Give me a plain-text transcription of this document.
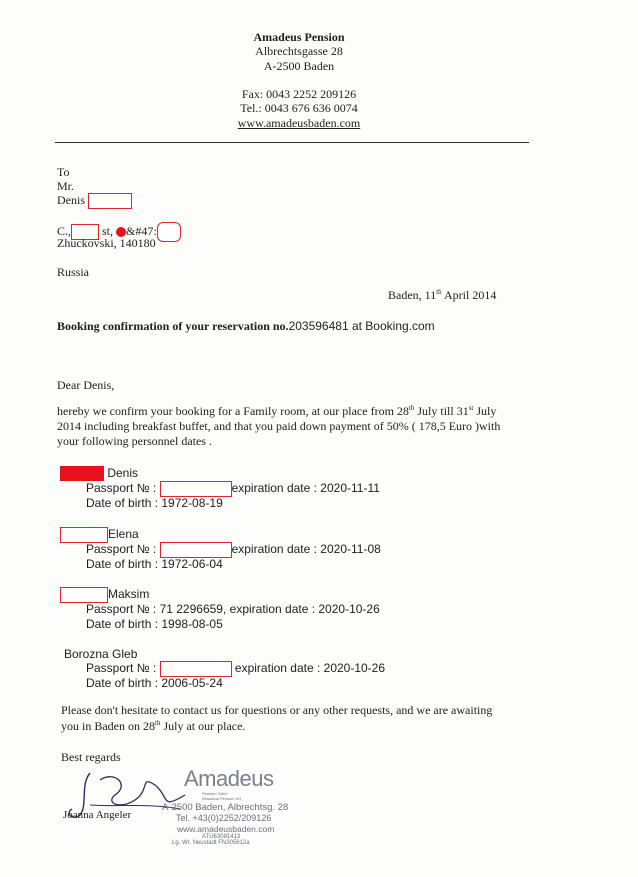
Amadeus Pension
Albrechtsgasse 28
A-2500 Baden
Fax: 0043 2252 209126
Tel.: 0043 676 636 0074
www.amadeusbaden.com
To
Mr.
Denis
C.,	st, &#47:
Zhuckovski, 140180
Russia
Baden, 11th April 2014
Booking confirmation of your reservation no.203596481 at Booking.com
Dear Denis,
hereby we confirm your booking for a Family room, at our place from 28th July till 31st July
2014 including breakfast buffet, and that you paid down payment of 50% ( 178,5 Euro )with
your following personnel dates .
Denis
Passport № :	expiration date : 2020-11-11
Date of birth : 1972-08-19
Elena
Passport № :	expiration date : 2020-11-08
Date of birth : 1972-06-04
Maksim
Passport № : 71 2296659, expiration date : 2020-10-26
Date of birth : 1998-08-05
Borozna Gleb
Passport № :	expiration date : 2020-10-26
Date of birth : 2006-05-24
Please don't hesitate to contact us for questions or any other requests, and we are awaiting
you in Baden on 28th July at our place.
Best regards
Joanna Angeler
Amadeus
Pension Garni
Amadeus Pension KG
A-2500 Baden, Albrechtsg. 28
Tel. +43(0)2252/209126
www.amadeusbaden.com
ATU63081413
Lg. Wr. Neustadt FN305612a
